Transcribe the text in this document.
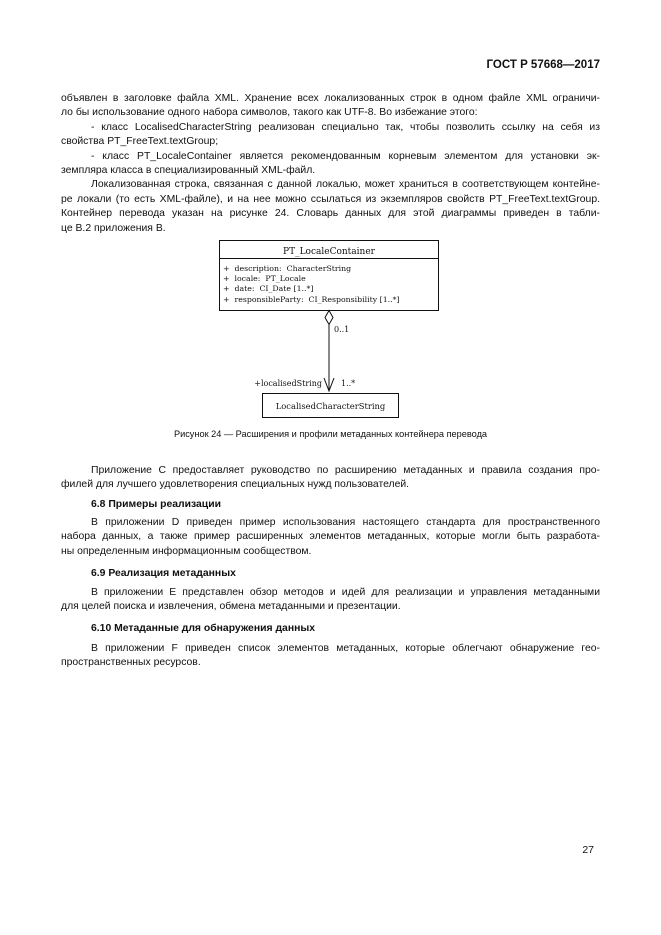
ГОСТ Р 57668—2017
объявлен в заголовке файла XML. Хранение всех локализованных строк в одном файле XML ограничи-
ло бы использование одного набора символов, такого как UTF-8. Во избежание этого:
- класс LocalisedCharacterString реализован специально так, чтобы позволить ссылку на себя из
свойства PT_FreeText.textGroup;
- класс PT_LocaleContainer является рекомендованным корневым элементом для установки эк-
земпляра класса в специализированный XML-файл.
Локализованная строка, связанная с данной локалью, может храниться в соответствующем контейне-
ре локали (то есть XML-файле), и на нее можно ссылаться из экземпляров свойств PT_FreeText.textGroup.
Контейнер перевода указан на рисунке 24. Словарь данных для этой диаграммы приведен в табли-
це В.2 приложения В.
PT_LocaleContainer
+  description:  CharacterString
+  locale:  PT_Locale
+  date:  CI_Date [1..*]
+  responsibleParty:  CI_Responsibility [1..*]
0..1
+localisedString 1..*
LocalisedCharacterString
Рисунок 24 — Расширения и профили метаданных контейнера перевода
Приложение С предоставляет руководство по расширению метаданных и правила создания про-
филей для лучшего удовлетворения специальных нужд пользователей.
6.8 Примеры реализации
В приложении D приведен пример использования настоящего стандарта для пространственного
набора данных, а также пример расширенных элементов метаданных, которые могли быть разработа-
ны определенным информационным сообществом.
6.9 Реализация метаданных
В приложении Е представлен обзор методов и идей для реализации и управления метаданными
для целей поиска и извлечения, обмена метаданными и презентации.
6.10 Метаданные для обнаружения данных
В приложении F приведен список элементов метаданных, которые облегчают обнаружение гео-
пространственных ресурсов.
27
